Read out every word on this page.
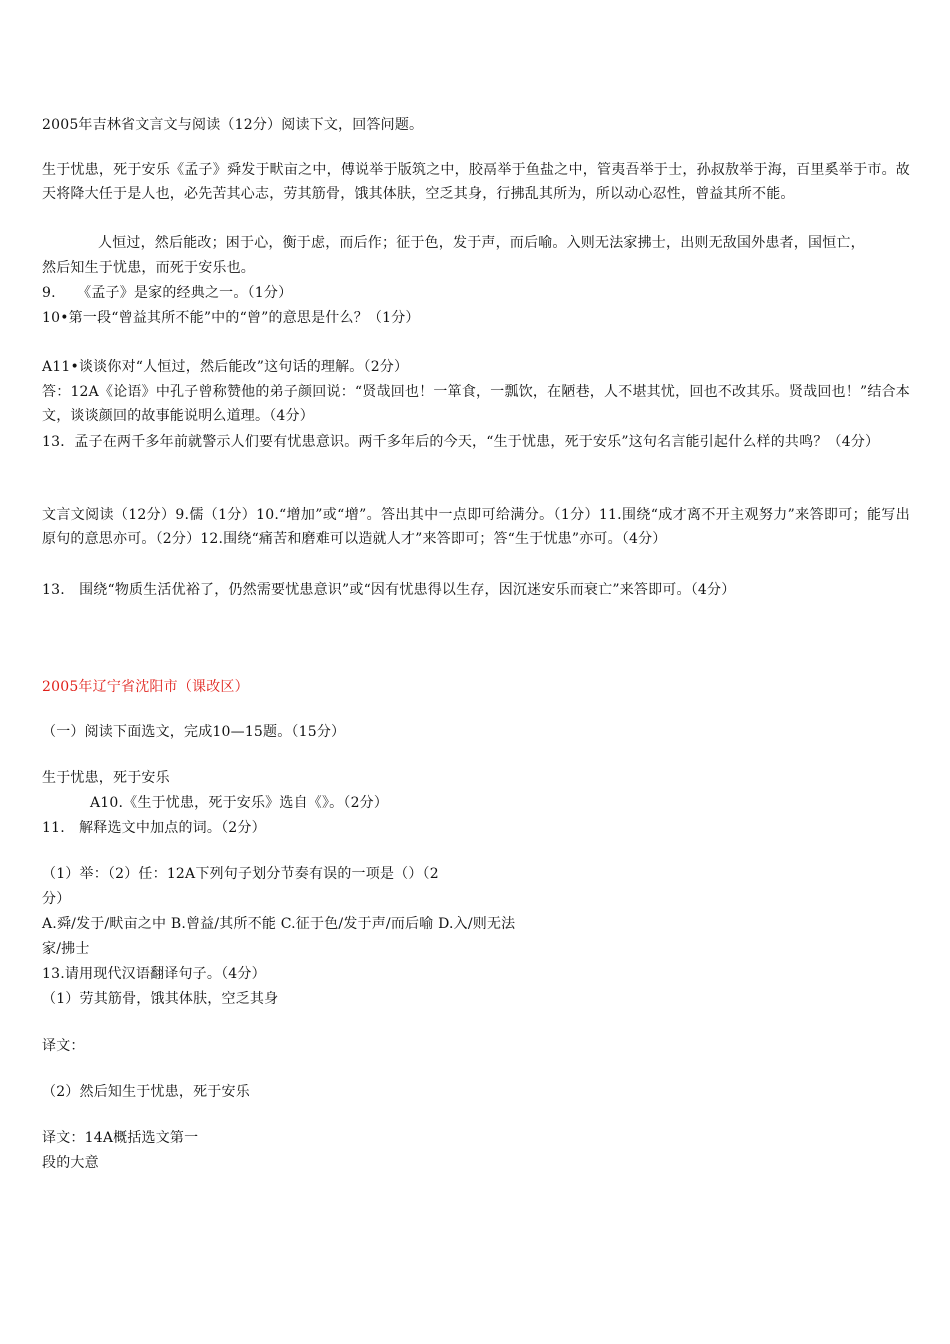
2005年吉林省文言文与阅读（12分）阅读下文，回答问题。
生于忧患，死于安乐《孟子》舜发于畎亩之中，傅说举于版筑之中，胶鬲举于鱼盐之中，管夷吾举于士，孙叔敖举于海，百里奚举于市。故天将降大任于是人也，必先苦其心志，劳其筋骨，饿其体肤，空乏其身，行拂乱其所为，所以动心忍性，曾益其所不能。
人恒过，然后能改；困于心，衡于虑，而后作；征于色，发于声，而后喻。入则无法家拂士，出则无敌国外患者，国恒亡，
然后知生于忧患，而死于安乐也。
9.　　《孟子》是家的经典之一。（1分）
10•第一段“曾益其所不能”中的“曾”的意思是什么？（1分）
A11•谈谈你对“人恒过，然后能改”这句话的理解。（2分）
答：12A《论语》中孔子曾称赞他的弟子颜回说：“贤哉回也！一箪食，一瓢饮，在陋巷，人不堪其忧，回也不改其乐。贤哉回也！”结合本文，谈谈颜回的故事能说明么道理。（4分）
13．孟子在两千多年前就警示人们要有忧患意识。两千多年后的今天，“生于忧患，死于安乐”这句名言能引起什么样的共鸣？（4分）
文言文阅读（12分）9.儒（1分）10.“增加”或“增”。答出其中一点即可给满分。（1分）11.围绕“成才离不开主观努力”来答即可；能写出原句的意思亦可。（2分）12.围绕“痛苦和磨难可以造就人才”来答即可；答“生于忧患”亦可。（4分）
13.　围绕“物质生活优裕了，仍然需要忧患意识”或“因有忧患得以生存，因沉迷安乐而衰亡”来答即可。（4分）
2005年辽宁省沈阳市（课改区）
（一）阅读下面选文，完成10—15题。（15分）
生于忧患，死于安乐
A10.《生于忧患，死于安乐》选自《》。（2分）
11.　解释选文中加点的词。（2分）
（1）举：（2）任：12A下列句子划分节奏有误的一项是（）（2
分）
A.舜/发于/畎亩之中 B.曾益/其所不能 C.征于色/发于声/而后喻 D.入/则无法
家/拂士
13.请用现代汉语翻译句子。（4分）
（1）劳其筋骨，饿其体肤，空乏其身
译文：
（2）然后知生于忧患，死于安乐
译文：14A概括选文第一
段的大意
